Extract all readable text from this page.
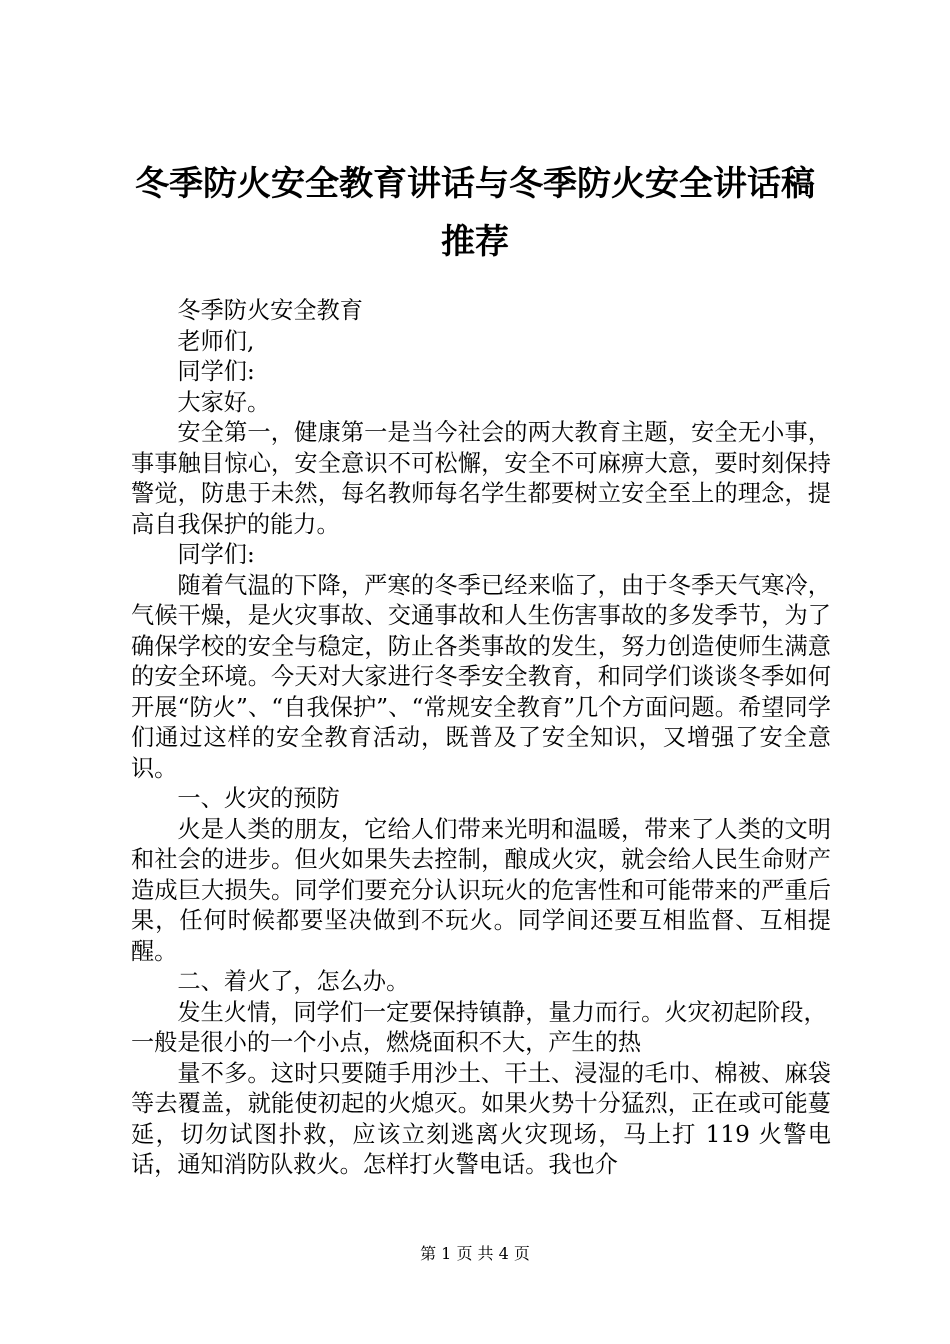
冬季防火安全教育讲话与冬季防火安全讲话稿
推荐

冬季防火安全教育

老师们,

同学们:

大家好。

安全第一，健康第一是当今社会的两大教育主题，安全无小事，事事触目惊心，安全意识不可松懈，安全不可麻痹大意，要时刻保持警觉，防患于未然，每名教师每名学生都要树立安全至上的理念，提高自我保护的能力。

同学们:

随着气温的下降，严寒的冬季已经来临了，由于冬季天气寒冷，气候干燥，是火灾事故、交通事故和人生伤害事故的多发季节，为了确保学校的安全与稳定，防止各类事故的发生，努力创造使师生满意的安全环境。今天对大家进行冬季安全教育，和同学们谈谈冬季如何开展“防火”、“自我保护”、“常规安全教育”几个方面问题。希望同学们通过这样的安全教育活动，既普及了安全知识，又增强了安全意识。

一、火灾的预防

火是人类的朋友，它给人们带来光明和温暖，带来了人类的文明和社会的进步。但火如果失去控制，酿成火灾，就会给人民生命财产造成巨大损失。同学们要充分认识玩火的危害性和可能带来的严重后果，任何时候都要坚决做到不玩火。同学间还要互相监督、互相提醒。

二、着火了，怎么办。

发生火情，同学们一定要保持镇静，量力而行。火灾初起阶段，一般是很小的一个小点，燃烧面积不大，产生的热

量不多。这时只要随手用沙土、干土、浸湿的毛巾、棉被、麻袋等去覆盖，就能使初起的火熄灭。如果火势十分猛烈，正在或可能蔓延，切勿试图扑救，应该立刻逃离火灾现场，马上打 119 火警电话，通知消防队救火。怎样打火警电话。我也介

第 1 页 共 4 页
